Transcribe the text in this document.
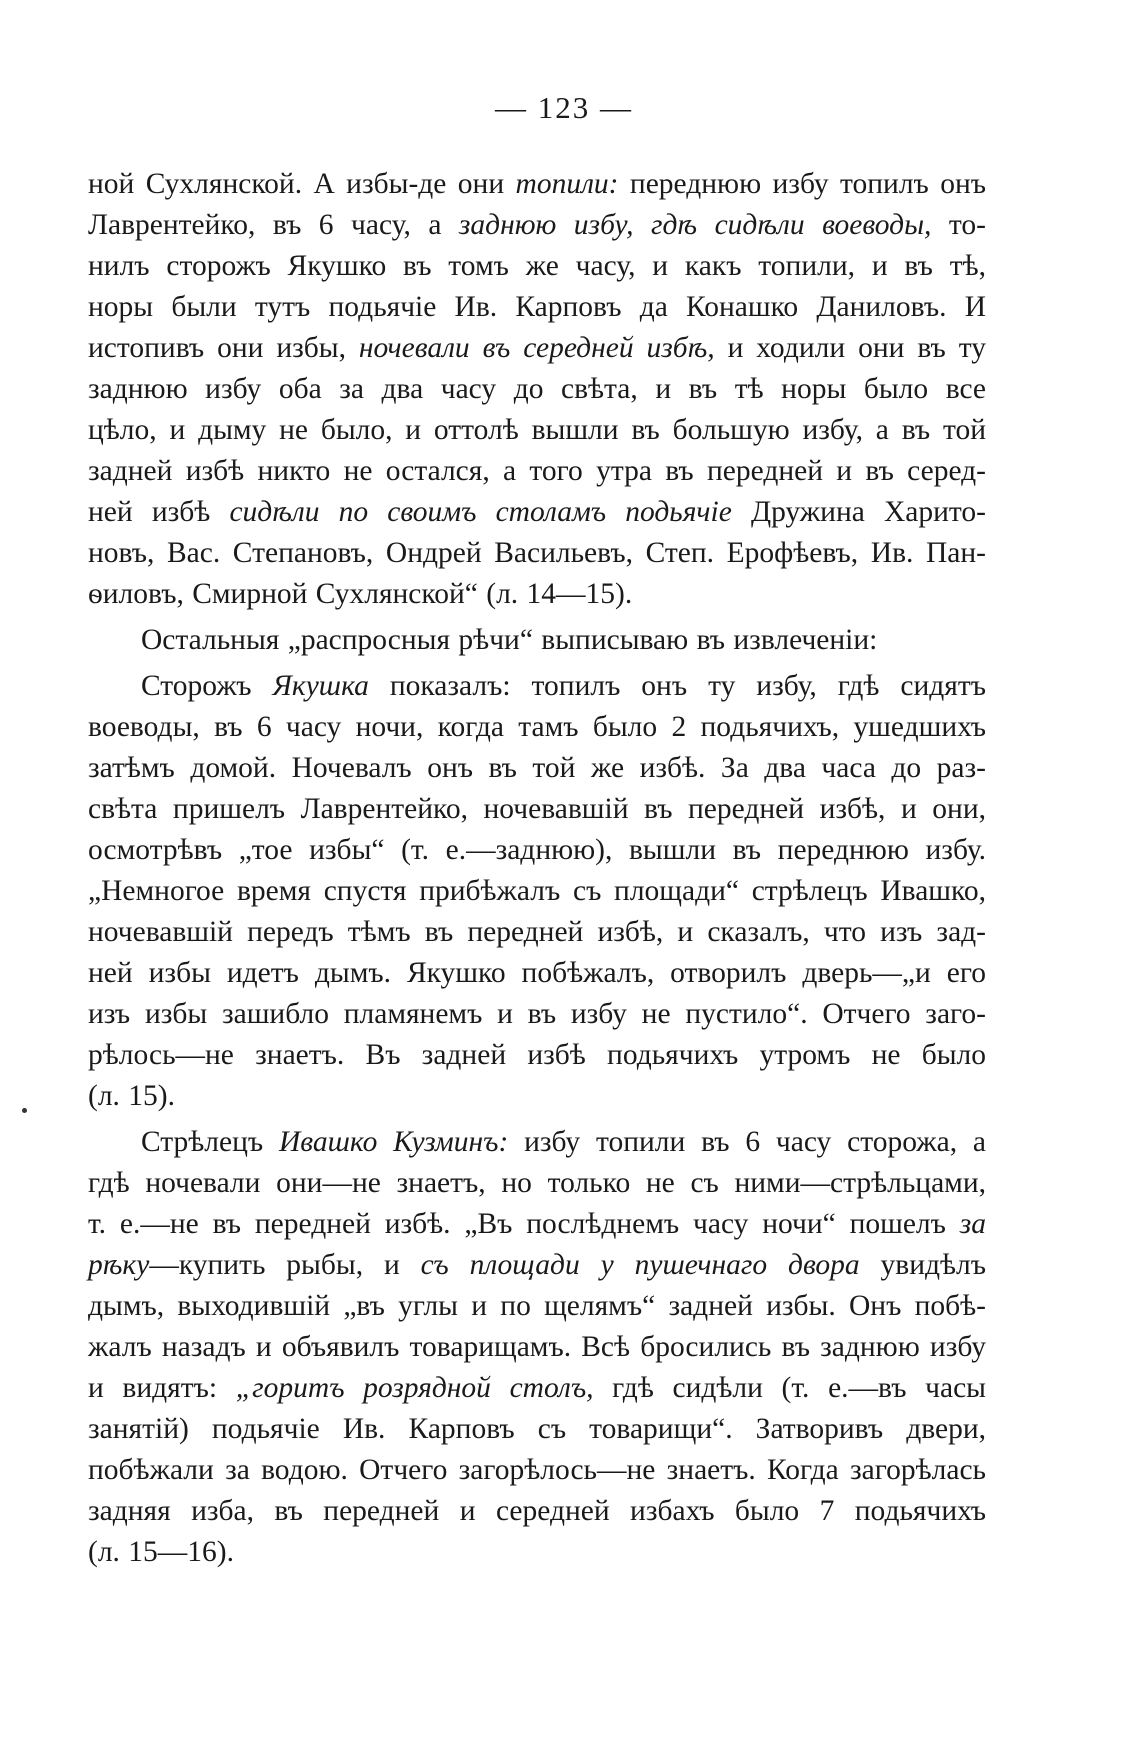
— 123 —
ной Сухлянской. А избы-де они топили: переднюю избу топилъ онъ
Лаврентейко, въ 6 часу, а заднюю избу, гдѣ сидѣли воеводы, то-
нилъ сторожъ Якушко въ томъ же часу, и какъ топили, и въ тѣ,
норы были тутъ подьячіе Ив. Карповъ да Конашко Даниловъ. И
истопивъ они избы, ночевали въ середней избѣ, и ходили они въ ту
заднюю избу оба за два часу до свѣта, и въ тѣ норы было все
цѣло, и дыму не было, и оттолѣ вышли въ большую избу, а въ той
задней избѣ никто не остался, а того утра въ передней и въ серед-
ней избѣ сидѣли по своимъ столамъ подьячіе Дружина Харито-
новъ, Вас. Степановъ, Ондрей Васильевъ, Степ. Ерофѣевъ, Ив. Пан-
ѳиловъ, Смирной Сухлянской“ (л. 14—15).
Остальныя „распросныя рѣчи“ выписываю въ извлеченіи:
Сторожъ Якушка показалъ: топилъ онъ ту избу, гдѣ сидятъ
воеводы, въ 6 часу ночи, когда тамъ было 2 подьячихъ, ушедшихъ
затѣмъ домой. Ночевалъ онъ въ той же избѣ. За два часа до раз-
свѣта пришелъ Лаврентейко, ночевавшій въ передней избѣ, и они,
осмотрѣвъ „тое избы“ (т. е.—заднюю), вышли въ переднюю избу.
„Немногое время спустя прибѣжалъ съ площади“ стрѣлецъ Ивашко,
ночевавшій передъ тѣмъ въ передней избѣ, и сказалъ, что изъ зад-
ней избы идетъ дымъ. Якушко побѣжалъ, отворилъ дверь—„и его
изъ избы зашибло пламянемъ и въ избу не пустило“. Отчего заго-
рѣлось—не знаетъ. Въ задней избѣ подьячихъ утромъ не было
(л. 15).
Стрѣлецъ Ивашко Кузминъ: избу топили въ 6 часу сторожа, а
гдѣ ночевали они—не знаетъ, но только не съ ними—стрѣльцами,
т. е.—не въ передней избѣ. „Въ послѣднемъ часу ночи“ пошелъ за
рѣку—купить рыбы, и съ площади у пушечнаго двора увидѣлъ
дымъ, выходившій „въ углы и по щелямъ“ задней избы. Онъ побѣ-
жалъ назадъ и объявилъ товарищамъ. Всѣ бросились въ заднюю избу
и видятъ: „горитъ розрядной столъ, гдѣ сидѣли (т. е.—въ часы
занятій) подьячіе Ив. Карповъ съ товарищи“. Затворивъ двери,
побѣжали за водою. Отчего загорѣлось—не знаетъ. Когда загорѣлась
задняя изба, въ передней и середней избахъ было 7 подьячихъ
(л. 15—16).
